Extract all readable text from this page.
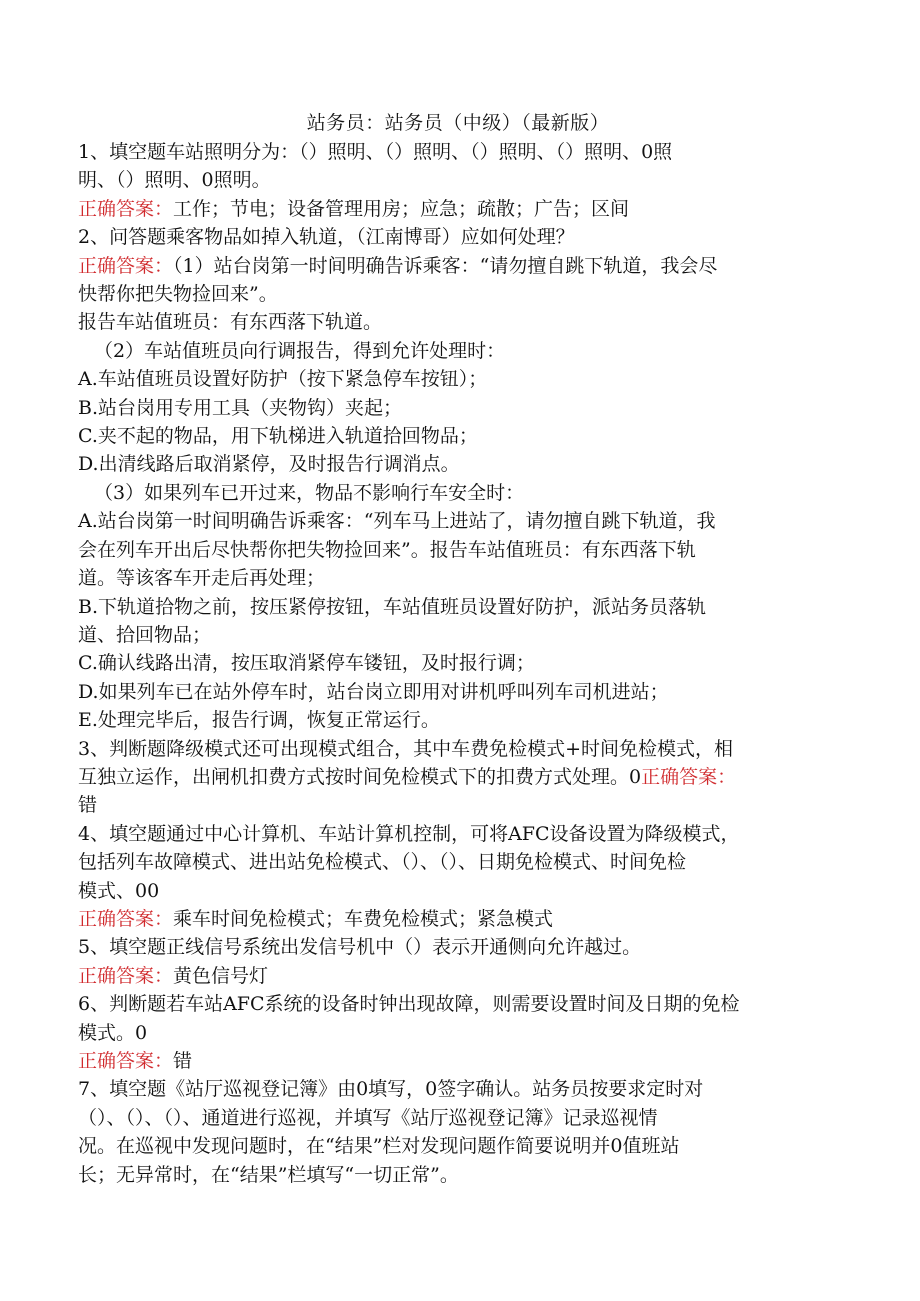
站务员：站务员（中级）（最新版）
1、填空题车站照明分为：（）照明、（）照明、（）照明、（）照明、0照
明、（）照明、0照明。
正确答案：工作；节电；设备管理用房；应急；疏散；广告；区间
2、问答题乘客物品如掉入轨道，（江南博哥）应如何处理？
正确答案：（1）站台岗第一时间明确告诉乘客：“请勿擅自跳下轨道，我会尽
快帮你把失物捡回来”。
报告车站值班员：有东西落下轨道。
（2）车站值班员向行调报告，得到允许处理时：
A.车站值班员设置好防护（按下紧急停车按钮）；
B.站台岗用专用工具（夹物钩）夹起；
C.夹不起的物品，用下轨梯进入轨道拾回物品；
D.出清线路后取消紧停，及时报告行调消点。
（3）如果列车已开过来，物品不影响行车安全时：
A.站台岗第一时间明确告诉乘客：“列车马上进站了，请勿擅自跳下轨道，我
会在列车开出后尽快帮你把失物捡回来”。报告车站值班员：有东西落下轨
道。等该客车开走后再处理；
B.下轨道拾物之前，按压紧停按钮，车站值班员设置好防护，派站务员落轨
道、拾回物品；
C.确认线路出清，按压取消紧停车镂钮，及时报行调；
D.如果列车已在站外停车时，站台岗立即用对讲机呼叫列车司机进站；
E.处理完毕后，报告行调，恢复正常运行。
3、判断题降级模式还可出现模式组合，其中车费免检模式+时间免检模式，相
互独立运作，出闸机扣费方式按时间免检模式下的扣费方式处理。0正确答案：
错
4、填空题通过中心计算机、车站计算机控制，可将AFC设备设置为降级模式，
包括列车故障模式、进出站免检模式、（）、（）、日期免检模式、时间免检
模式、00
正确答案：乘车时间免检模式；车费免检模式；紧急模式
5、填空题正线信号系统出发信号机中（）表示开通侧向允许越过。
正确答案：黄色信号灯
6、判断题若车站AFC系统的设备时钟出现故障，则需要设置时间及日期的免检
模式。0
正确答案：错
7、填空题《站厅巡视登记簿》由0填写，0签字确认。站务员按要求定时对
（）、（）、（）、通道进行巡视，并填写《站厅巡视登记簿》记录巡视情
况。在巡视中发现问题时，在“结果”栏对发现问题作简要说明并0值班站
长；无异常时，在“结果”栏填写“一切正常”。
